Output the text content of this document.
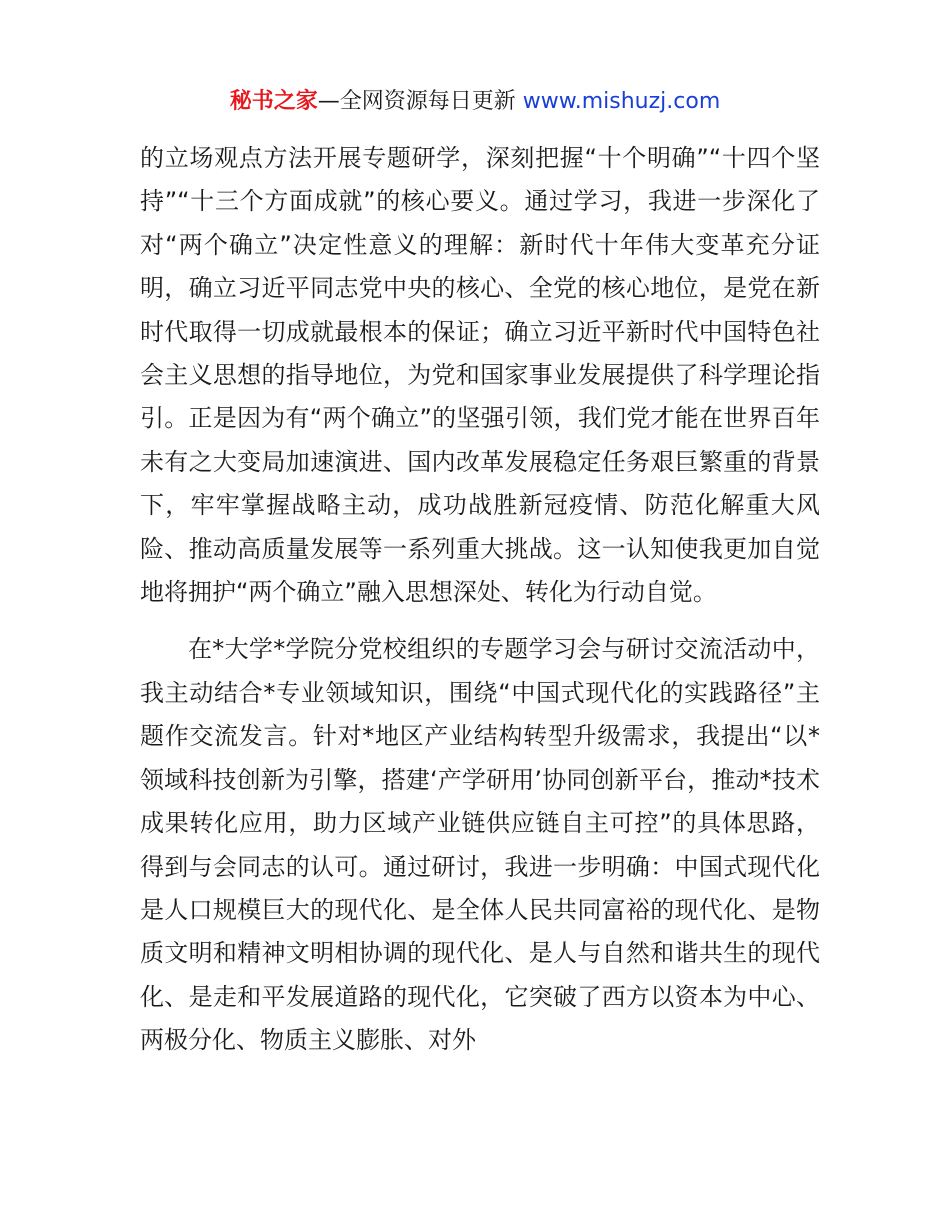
秘书之家—全网资源每日更新 www.mishuzj.com

的立场观点方法开展专题研学，深刻把握“十个明确”“十四个坚持”“十三个方面成就”的核心要义。通过学习，我进一步深化了对“两个确立”决定性意义的理解：新时代十年伟大变革充分证明，确立习近平同志党中央的核心、全党的核心地位，是党在新时代取得一切成就最根本的保证；确立习近平新时代中国特色社会主义思想的指导地位，为党和国家事业发展提供了科学理论指引。正是因为有“两个确立”的坚强引领，我们党才能在世界百年未有之大变局加速演进、国内改革发展稳定任务艰巨繁重的背景下，牢牢掌握战略主动，成功战胜新冠疫情、防范化解重大风险、推动高质量发展等一系列重大挑战。这一认知使我更加自觉地将拥护“两个确立”融入思想深处、转化为行动自觉。

在*大学*学院分党校组织的专题学习会与研讨交流活动中，我主动结合*专业领域知识，围绕“中国式现代化的实践路径”主题作交流发言。针对*地区产业结构转型升级需求，我提出“以*领域科技创新为引擎，搭建‘产学研用’协同创新平台，推动*技术成果转化应用，助力区域产业链供应链自主可控”的具体思路，得到与会同志的认可。通过研讨，我进一步明确：中国式现代化是人口规模巨大的现代化、是全体人民共同富裕的现代化、是物质文明和精神文明相协调的现代化、是人与自然和谐共生的现代化、是走和平发展道路的现代化，它突破了西方以资本为中心、两极分化、物质主义膨胀、对外
